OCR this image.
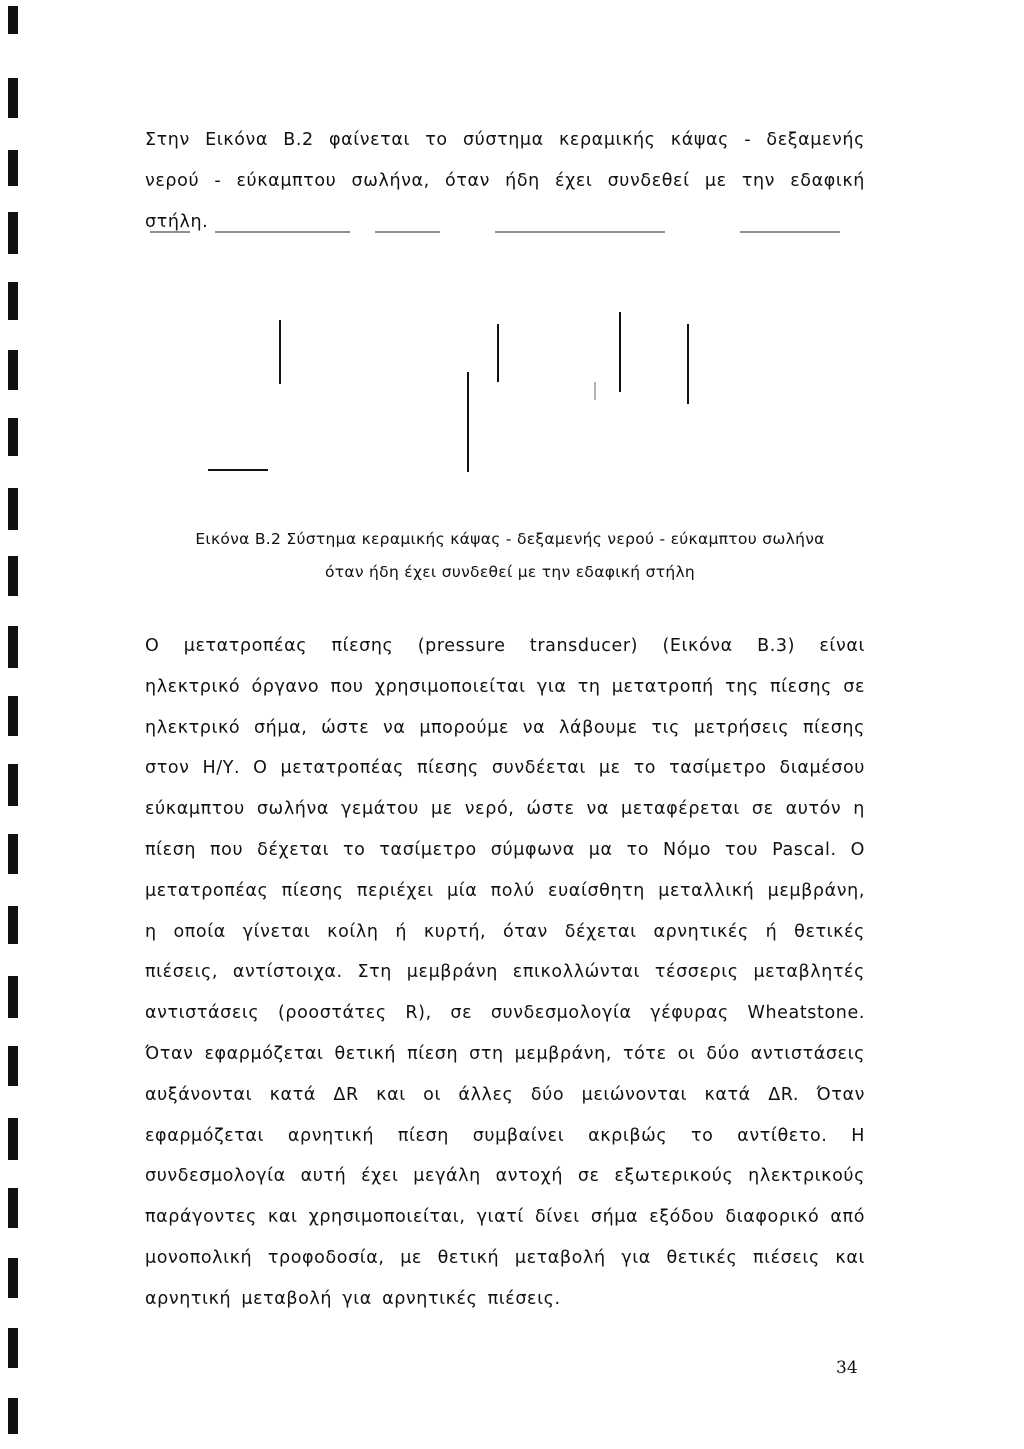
Στην Εικόνα Β.2 φαίνεται το σύστημα κεραμικής κάψας - δεξαμενής νερού - εύκαμπτου σωλήνα, όταν ήδη έχει συνδεθεί με την εδαφική στήλη.

Εικόνα Β.2 Σύστημα κεραμικής κάψας - δεξαμενής νερού - εύκαμπτου σωλήνα

όταν ήδη έχει συνδεθεί με την εδαφική στήλη

Ο μετατροπέας πίεσης (pressure transducer) (Εικόνα Β.3) είναι ηλεκτρικό όργανο που χρησιμοποιείται για τη μετατροπή της πίεσης σε ηλεκτρικό σήμα, ώστε να μπορούμε να λάβουμε τις μετρήσεις πίεσης στον Η/Υ. Ο μετατροπέας πίεσης συνδέεται με το τασίμετρο διαμέσου εύκαμπτου σωλήνα γεμάτου με νερό, ώστε να μεταφέρεται σε αυτόν η πίεση που δέχεται το τασίμετρο σύμφωνα μα το Νόμο του Pascal. Ο μετατροπέας πίεσης περιέχει μία πολύ ευαίσθητη μεταλλική μεμβράνη, η οποία γίνεται κοίλη ή κυρτή, όταν δέχεται αρνητικές ή θετικές πιέσεις, αντίστοιχα. Στη μεμβράνη επικολλώνται τέσσερις μεταβλητές αντιστάσεις (ροοστάτες R), σε συνδεσμολογία γέφυρας Wheatstone. Όταν εφαρμόζεται θετική πίεση στη μεμβράνη, τότε οι δύο αντιστάσεις αυξάνονται κατά ΔR και οι άλλες δύο μειώνονται κατά ΔR. Όταν εφαρμόζεται αρνητική πίεση συμβαίνει ακριβώς το αντίθετο. Η συνδεσμολογία αυτή έχει μεγάλη αντοχή σε εξωτερικούς ηλεκτρικούς παράγοντες και χρησιμοποιείται, γιατί δίνει σήμα εξόδου διαφορικό από μονοπολική τροφοδοσία, με θετική μεταβολή για θετικές πιέσεις και αρνητική μεταβολή για αρνητικές πιέσεις.

34
